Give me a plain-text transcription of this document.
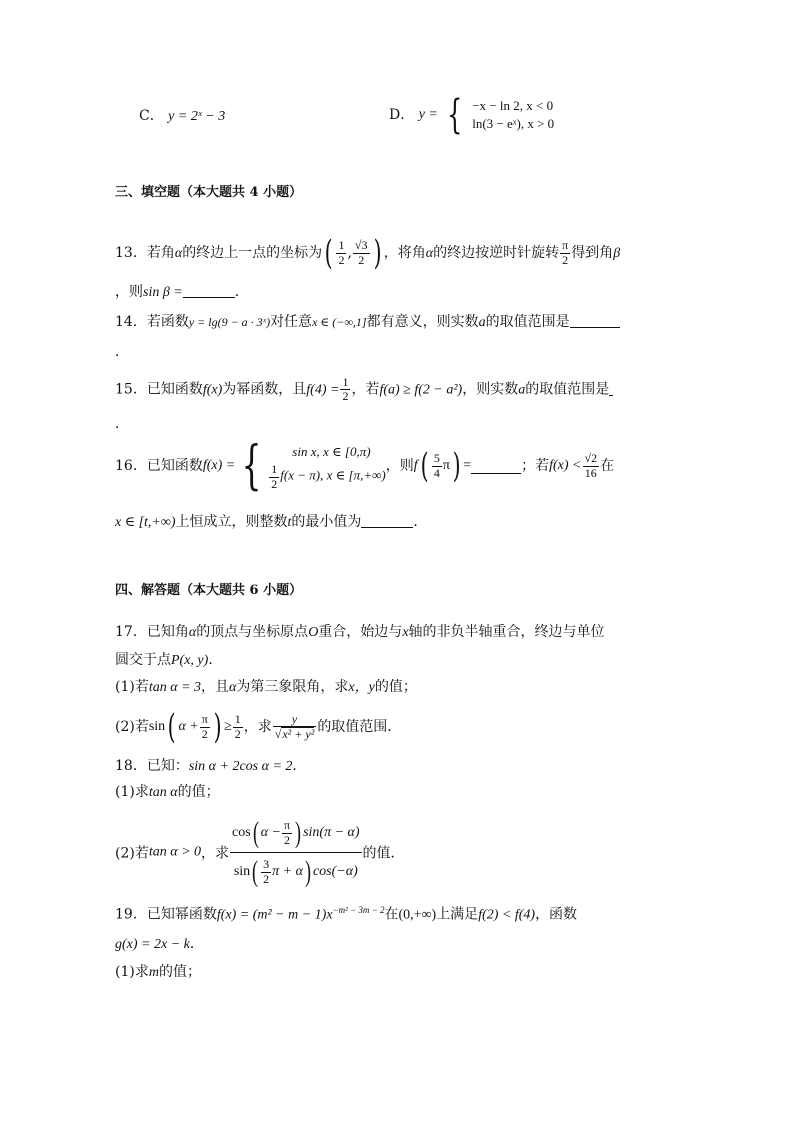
C． y = 2ˣ − 3	D． y = { −x − ln 2, x < 0
ln(3 − eˣ), x > 0
三、填空题（本大题共 4 小题）
13．若角α的终边上一点的坐标为( $\frac{1}{2}$ , $\frac{√3}{2}$ ) ，将角α的终边按逆时针旋转 $\frac{\pi}{2}$ 得到角β
，则sin β =	．
14．若函数y = lg(9 − a · 3ˣ)对任意x ∈ (−∞,1]都有意义，则实数a的取值范围是
．
15．已知函数f(x)为幂函数，且$f(4) = \frac{1}{2}$ ，若f(a) ≥ f(2 − a²)，则实数a的取值范围是
．
16．已知函数f(x) = {	sin x, x ∈ [0,π)
$\frac{1}{2} f(x - \pi)$, x ∈ [π,+∞)
，则$f( \frac{5}{4} \pi)$ =	；若$f(x) < \frac{√2}{16}$ 在
x ∈ [t,+∞)上恒成立，则整数t的最小值为	．
四、解答题（本大题共 6 小题）
17．已知角α的顶点与坐标原点O重合，始边与x轴的非负半轴重合，终边与单位
圆交于点P(x, y)．
(1)若tan α = 3，且α为第三象限角，求x，y的值；
(2)若sin( $\alpha + \frac{\pi}{2}$ ) ≥ $\frac{1}{2}$ ，求 $\frac{y}{\text{√x² + y²}}$ 的取值范围．
18．已知：sin α + 2cos α = 2．
(1)求tan α的值；
(2)若tan α > 0，求 $\frac{\cos( \alpha - \frac{\pi}{2} ) \sin(\pi - \alpha)}{\sin( \frac{3}{2} \pi + \alpha) \cos(-\alpha)}$ 的值．
19．已知幂函数$f(x) = (m^2 - m - 1)x^{-m^2 - 3m - 2}$在(0,+∞)上满足f(2) < f(4)，函数
g(x) = 2x − k．
(1)求m的值；
